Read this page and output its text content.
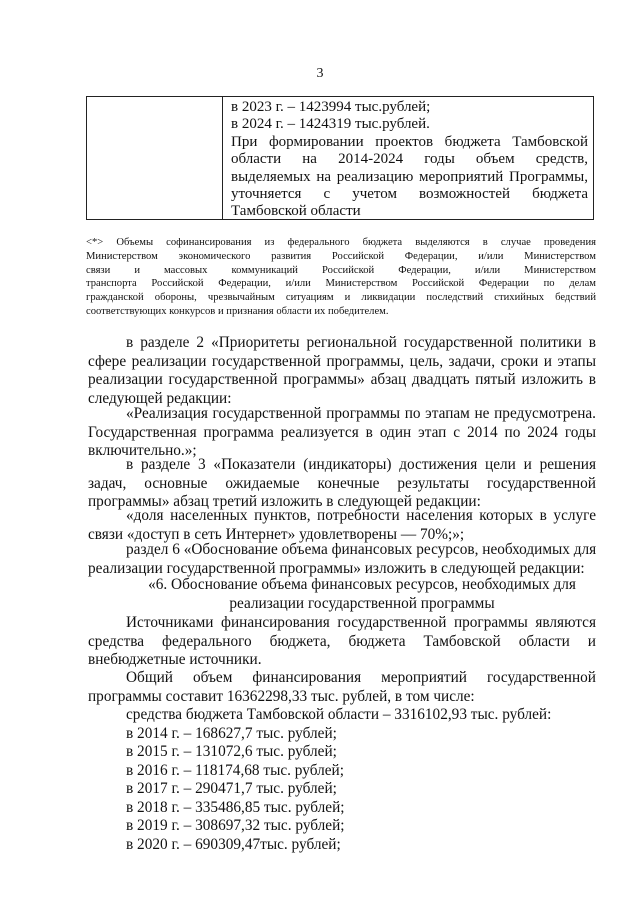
3
в 2023 г. – 1423994 тыс.рублей;
в 2024 г. – 1424319 тыс.рублей.
При формировании проектов бюджета Тамбовской
области на 2014-2024 годы объем средств,
выделяемых на реализацию мероприятий Программы,
уточняется с учетом возможностей бюджета
Тамбовской области
<*> Объемы софинансирования из федерального бюджета выделяются в случае проведения
Министерством экономического развития Российской Федерации, и/или Министерством
связи и массовых коммуникаций Российской Федерации, и/или Министерством
транспорта Российской Федерации, и/или Министерством Российской Федерации по делам
гражданской обороны, чрезвычайным ситуациям и ликвидации последствий стихийных бедствий
соответствующих конкурсов и признания области их победителем.
в разделе 2 «Приоритеты региональной государственной политики в
сфере реализации государственной программы, цель, задачи, сроки и этапы
реализации государственной программы» абзац двадцать пятый изложить в
следующей редакции:
«Реализация государственной программы по этапам не предусмотрена.
Государственная программа реализуется в один этап с 2014 по 2024 годы
включительно.»;
в разделе 3 «Показатели (индикаторы) достижения цели и решения
задач, основные ожидаемые конечные результаты государственной
программы» абзац третий изложить в следующей редакции:
«доля населенных пунктов, потребности населения которых в услуге
связи «доступ в сеть Интернет» удовлетворены — 70%;»;
раздел 6 «Обоснование объема финансовых ресурсов, необходимых для
реализации государственной программы» изложить в следующей редакции:
«6. Обоснование объема финансовых ресурсов, необходимых для
реализации государственной программы
Источниками финансирования государственной программы являются
средства федерального бюджета, бюджета Тамбовской области и
внебюджетные источники.
Общий объем финансирования мероприятий государственной
программы составит 16362298,33 тыс. рублей, в том числе:
средства бюджета Тамбовской области – 3316102,93 тыс. рублей:
в 2014 г. – 168627,7 тыс. рублей;
в 2015 г. – 131072,6 тыс. рублей;
в 2016 г. – 118174,68 тыс. рублей;
в 2017 г. – 290471,7 тыс. рублей;
в 2018 г. – 335486,85 тыс. рублей;
в 2019 г. – 308697,32 тыс. рублей;
в 2020 г. – 690309,47тыс. рублей;
